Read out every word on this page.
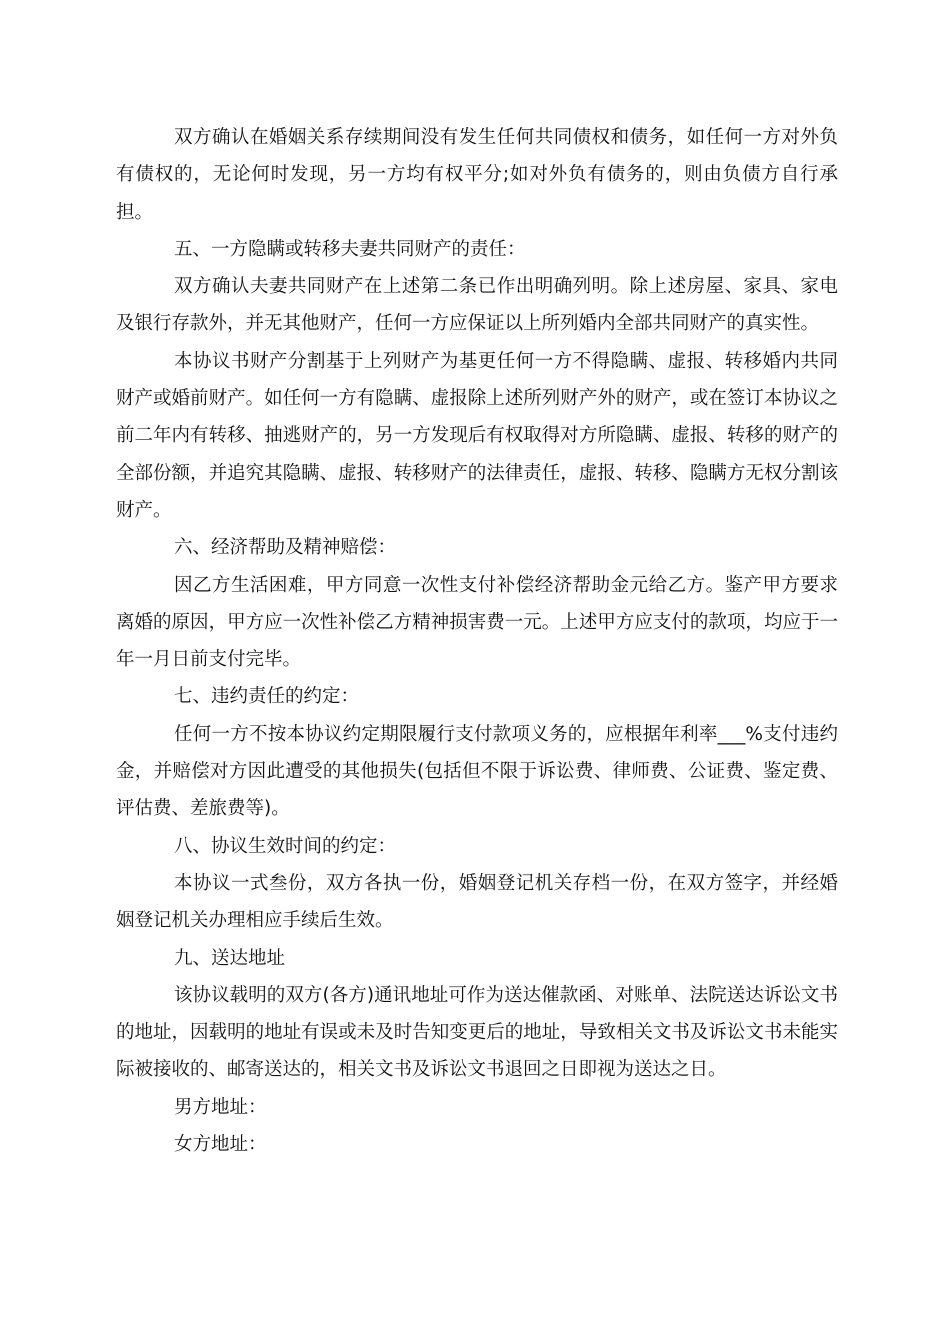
双方确认在婚姻关系存续期间没有发生任何共同债权和债务，如任何一方对外负有债权的，无论何时发现，另一方均有权平分;如对外负有债务的，则由负债方自行承担。

五、一方隐瞒或转移夫妻共同财产的责任：

双方确认夫妻共同财产在上述第二条已作出明确列明。除上述房屋、家具、家电及银行存款外，并无其他财产，任何一方应保证以上所列婚内全部共同财产的真实性。

本协议书财产分割基于上列财产为基更任何一方不得隐瞒、虚报、转移婚内共同财产或婚前财产。如任何一方有隐瞒、虚报除上述所列财产外的财产，或在签订本协议之前二年内有转移、抽逃财产的，另一方发现后有权取得对方所隐瞒、虚报、转移的财产的全部份额，并追究其隐瞒、虚报、转移财产的法律责任，虚报、转移、隐瞒方无权分割该财产。

六、经济帮助及精神赔偿：

因乙方生活困难，甲方同意一次性支付补偿经济帮助金元给乙方。鉴产甲方要求离婚的原因，甲方应一次性补偿乙方精神损害费一元。上述甲方应支付的款项，均应于一年一月日前支付完毕。

七、违约责任的约定：

任何一方不按本协议约定期限履行支付款项义务的，应根据年利率___%支付违约金，并赔偿对方因此遭受的其他损失(包括但不限于诉讼费、律师费、公证费、鉴定费、评估费、差旅费等)。

八、协议生效时间的约定：

本协议一式叁份，双方各执一份，婚姻登记机关存档一份，在双方签字，并经婚姻登记机关办理相应手续后生效。

九、送达地址

该协议载明的双方(各方)通讯地址可作为送达催款函、对账单、法院送达诉讼文书的地址，因载明的地址有误或未及时告知变更后的地址，导致相关文书及诉讼文书未能实际被接收的、邮寄送达的，相关文书及诉讼文书退回之日即视为送达之日。

男方地址：

女方地址：
